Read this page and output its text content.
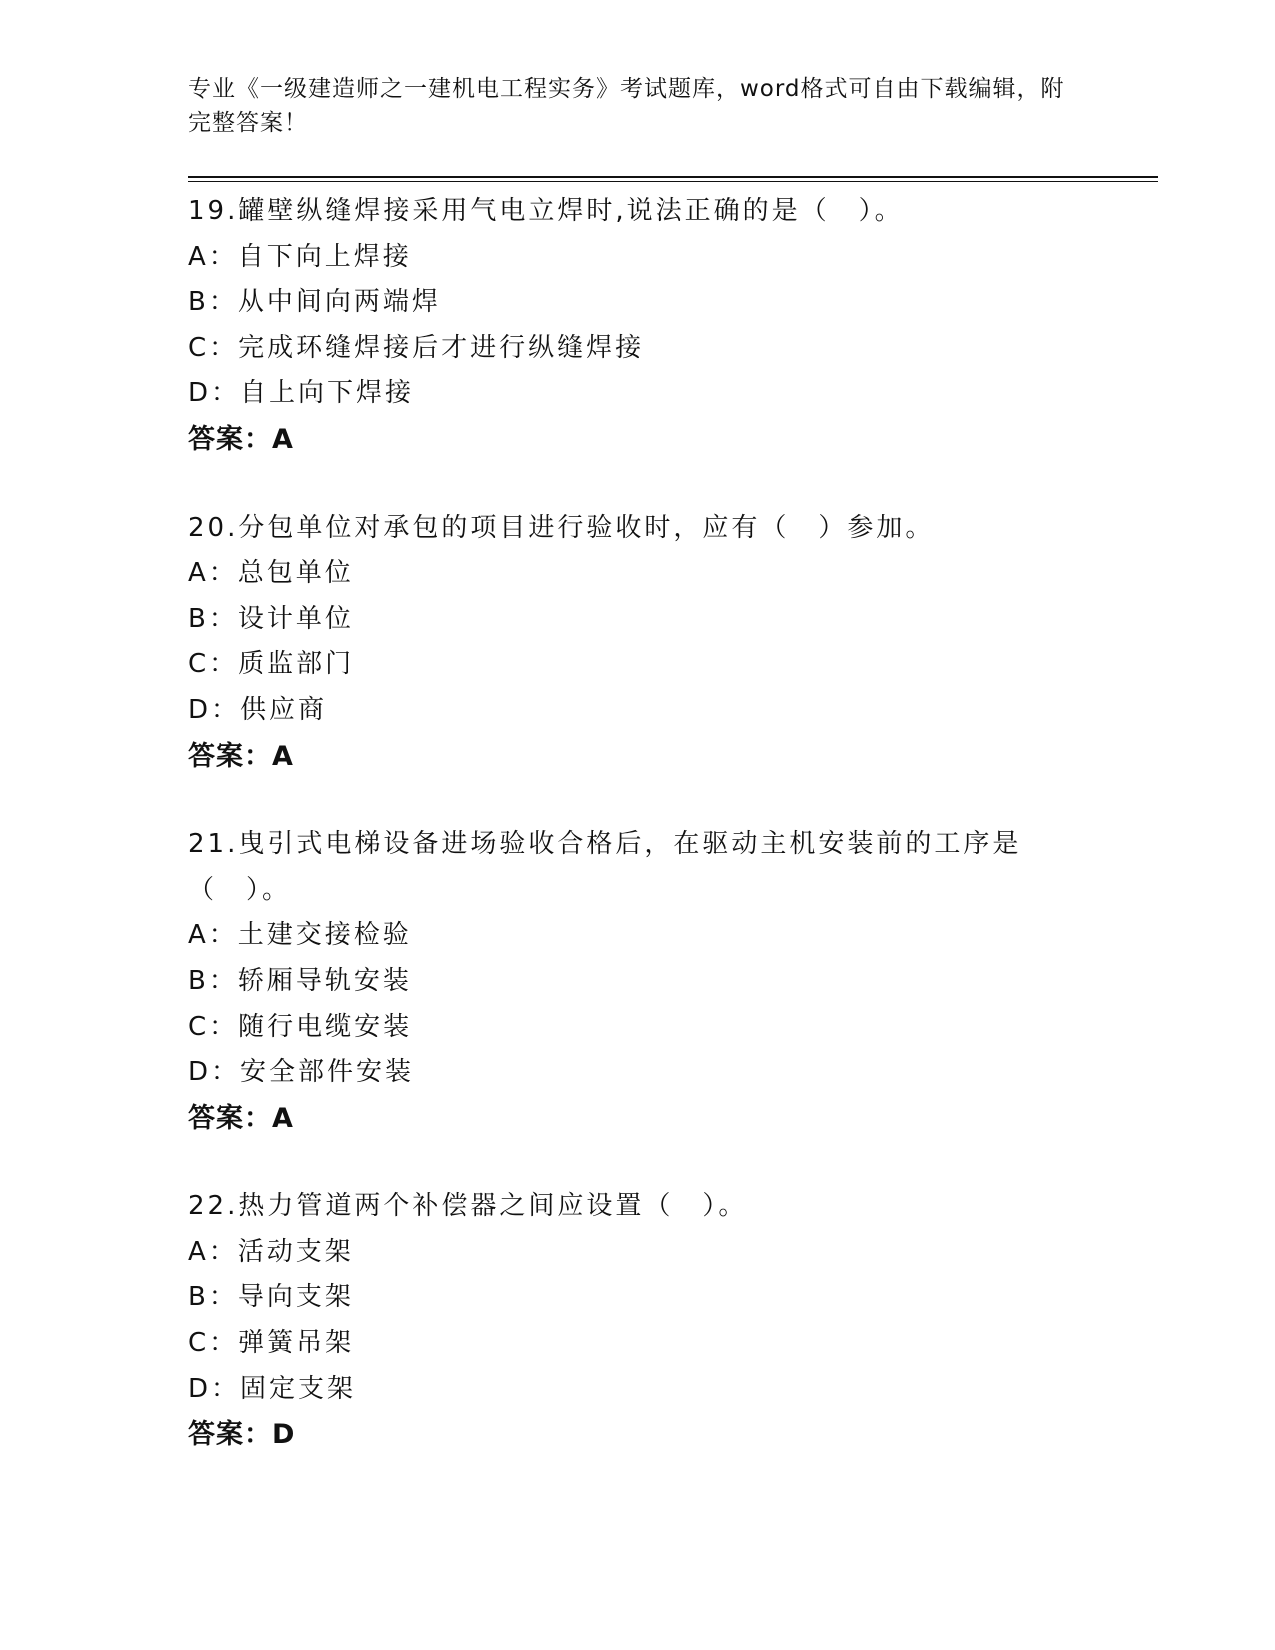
专业《一级建造师之一建机电工程实务》考试题库，word格式可自由下载编辑，附完整答案！
19.罐壁纵缝焊接采用气电立焊时,说法正确的是（　）。
A：自下向上焊接
B：从中间向两端焊
C：完成环缝焊接后才进行纵缝焊接
D：自上向下焊接
答案：A
20.分包单位对承包的项目进行验收时，应有（　）参加。
A：总包单位
B：设计单位
C：质监部门
D：供应商
答案：A
21.曳引式电梯设备进场验收合格后，在驱动主机安装前的工序是（　）。
A：土建交接检验
B：轿厢导轨安装
C：随行电缆安装
D：安全部件安装
答案：A
22.热力管道两个补偿器之间应设置（　）。
A：活动支架
B：导向支架
C：弹簧吊架
D：固定支架
答案：D
